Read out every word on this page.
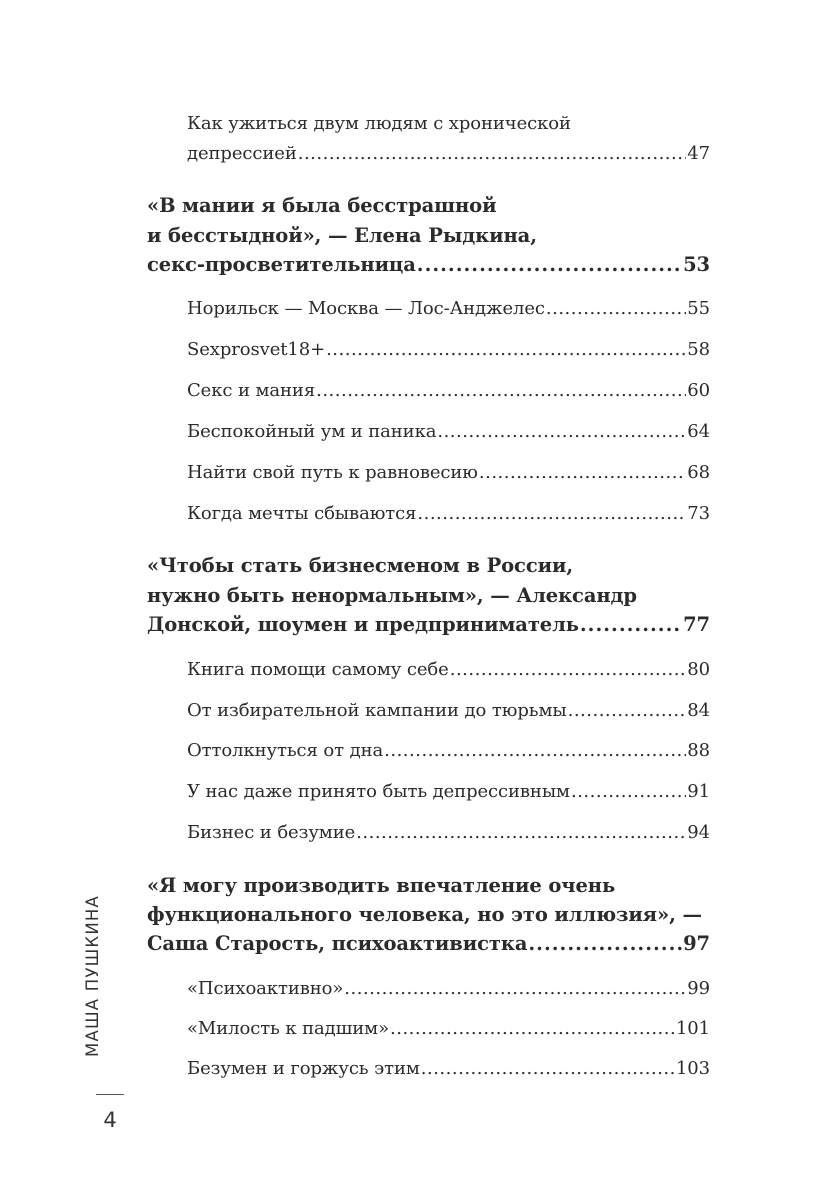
Как ужиться двум людям с хронической
депрессией .....	47
«В мании я была бесстрашной
и бесстыдной», — Елена Рыдкина,
секс-просветительница .....	53
Норильск — Москва — Лос-Анджелес .....	55
Sexprosvet18+ .....	58
Секс и мания .....	60
Беспокойный ум и паника .....	64
Найти свой путь к равновесию .....	68
Когда мечты сбываются .....	73
«Чтобы стать бизнесменом в России,
нужно быть ненормальным», — Александр
Донской, шоумен и предприниматель .....	77
Книга помощи самому себе .....	80
От избирательной кампании до тюрьмы .....	84
Оттолкнуться от дна .....	88
У нас даже принято быть депрессивным .....	91
Бизнес и безумие .....	94
«Я могу производить впечатление очень
функционального человека, но это иллюзия», —
Саша Старость, психоактивистка .....	97
«Психоактивно» .....	99
«Милость к падшим» .....	101
Безумен и горжусь этим .....	103
МАША ПУШКИНА
4
